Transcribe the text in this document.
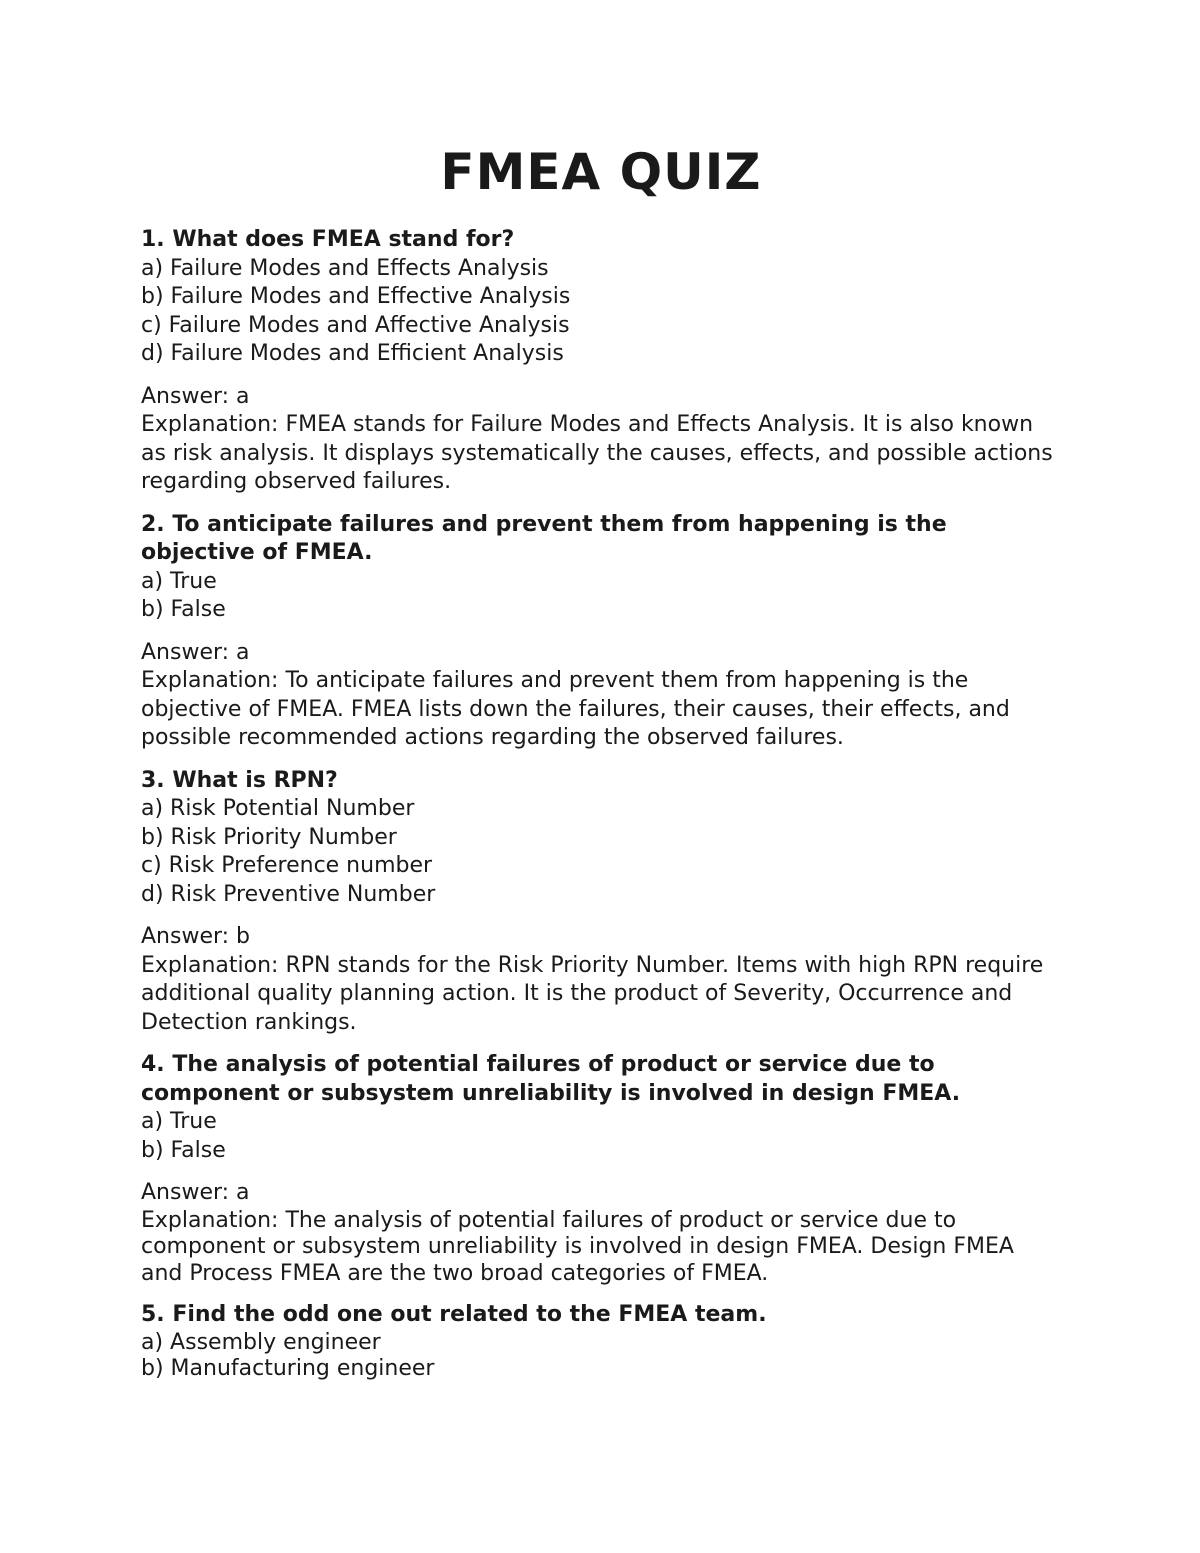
FMEA QUIZ

1. What does FMEA stand for?

a) Failure Modes and Effects Analysis

b) Failure Modes and Effective Analysis

c) Failure Modes and Affective Analysis

d) Failure Modes and Efficient Analysis

Answer: a

Explanation: FMEA stands for Failure Modes and Effects Analysis. It is also known as risk analysis. It displays systematically the causes, effects, and possible actions regarding observed failures.

2. To anticipate failures and prevent them from happening is the objective of FMEA.

a) True

b) False

Answer: a

Explanation: To anticipate failures and prevent them from happening is the objective of FMEA. FMEA lists down the failures, their causes, their effects, and possible recommended actions regarding the observed failures.

3. What is RPN?

a) Risk Potential Number

b) Risk Priority Number

c) Risk Preference number

d) Risk Preventive Number

Answer: b

Explanation: RPN stands for the Risk Priority Number. Items with high RPN require additional quality planning action. It is the product of Severity, Occurrence and Detection rankings.

4. The analysis of potential failures of product or service due to component or subsystem unreliability is involved in design FMEA.

a) True

b) False

Answer: a

Explanation: The analysis of potential failures of product or service due to component or subsystem unreliability is involved in design FMEA. Design FMEA and Process FMEA are the two broad categories of FMEA.

5. Find the odd one out related to the FMEA team.

a) Assembly engineer

b) Manufacturing engineer
